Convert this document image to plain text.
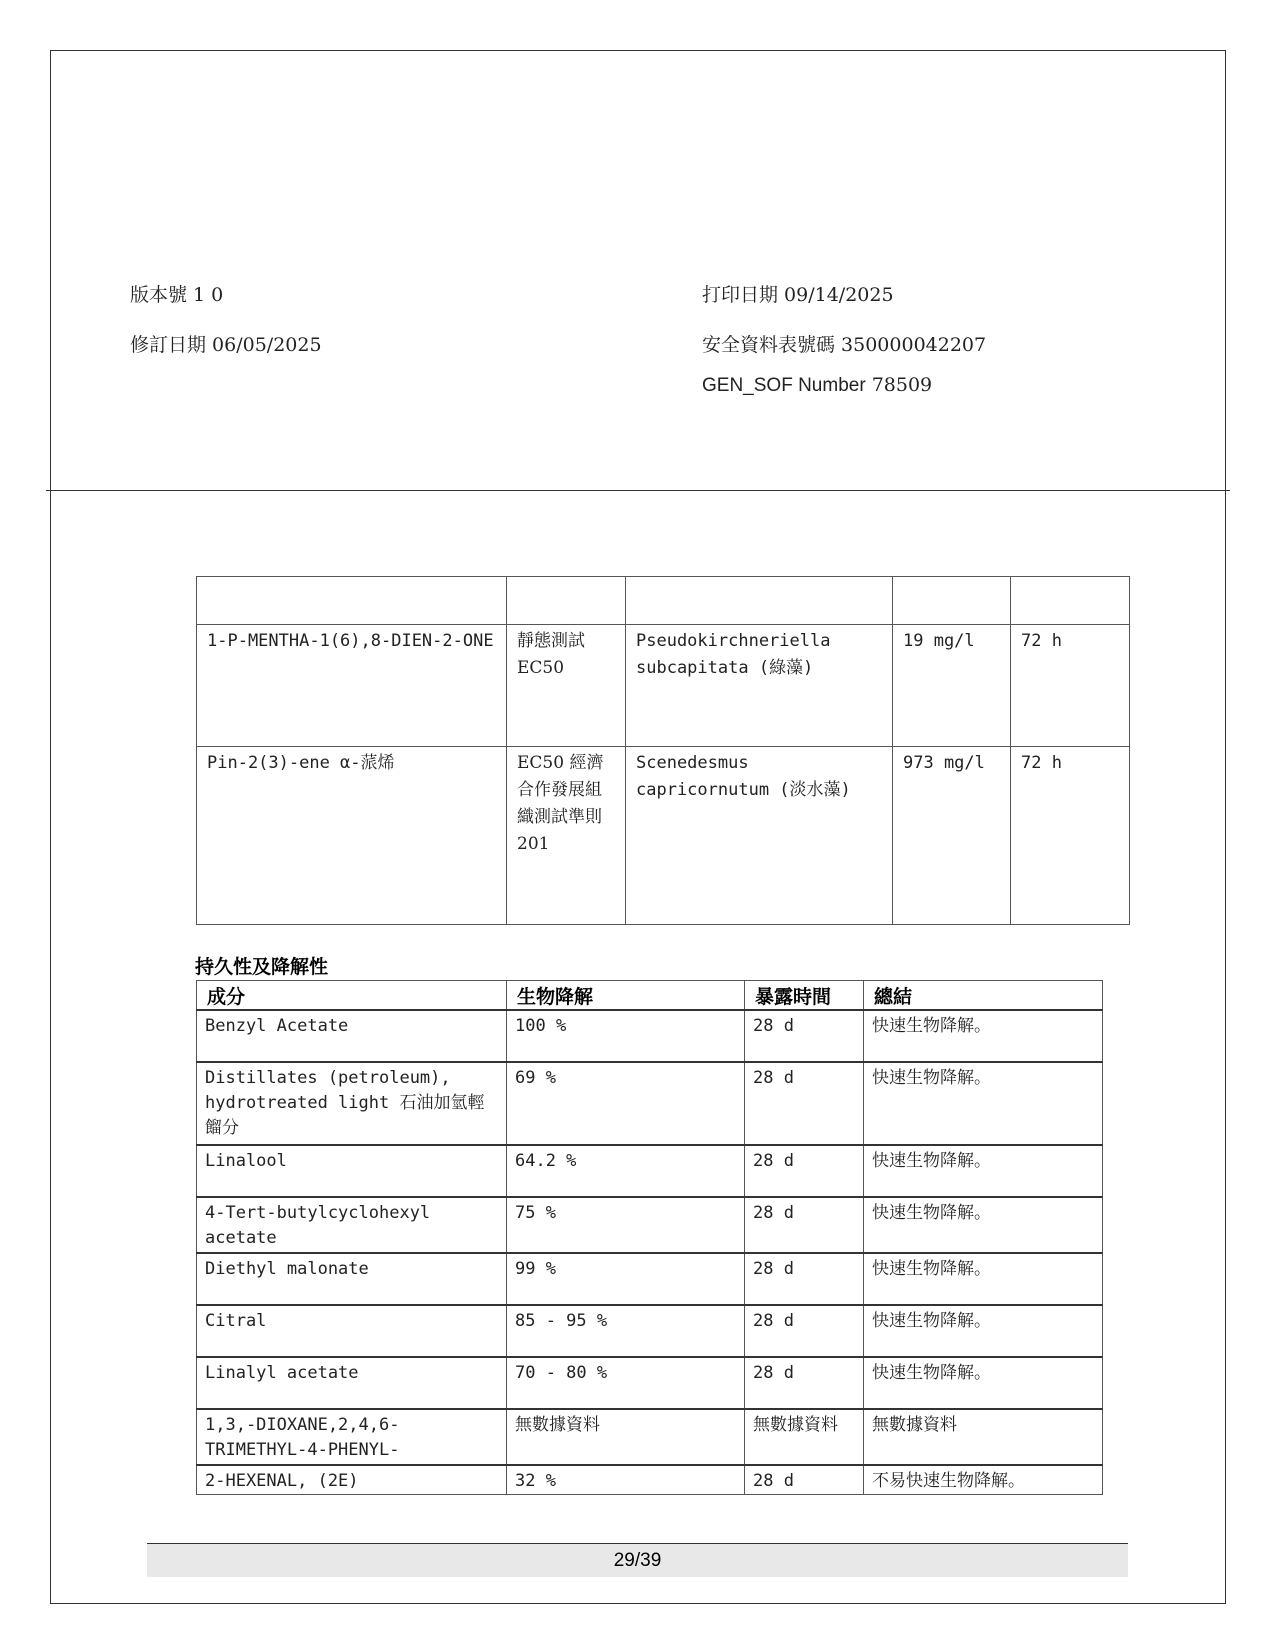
版本號 1 0
修訂日期 06/05/2025
打印日期 09/14/2025
安全資料表號碼 350000042207
GEN_SOF Number 78509

1-P-MENTHA-1(6),8-DIEN-2-ONE	靜態測試 EC50	Pseudokirchneriella subcapitata (綠藻)	19 mg/l	72 h
Pin-2(3)-ene α-蒎烯	EC50 經濟合作發展組織測試準則201	Scenedesmus capricornutum (淡水藻)	973 mg/l	72 h
持久性及降解性
成分	生物降解	暴露時間	總結
Benzyl Acetate	100 %	28 d	快速生物降解。
Distillates (petroleum), hydrotreated light 石油加氫輕餾分	69 %	28 d	快速生物降解。
Linalool	64.2 %	28 d	快速生物降解。
4-Tert-butylcyclohexyl acetate	75 %	28 d	快速生物降解。
Diethyl malonate	99 %	28 d	快速生物降解。
Citral	85 - 95 %	28 d	快速生物降解。
Linalyl acetate	70 - 80 %	28 d	快速生物降解。
1,3,-DIOXANE,2,4,6-TRIMETHYL-4-PHENYL-	無數據資料	無數據資料	無數據資料
2-HEXENAL, (2E)	32 %	28 d	不易快速生物降解。
29/39
